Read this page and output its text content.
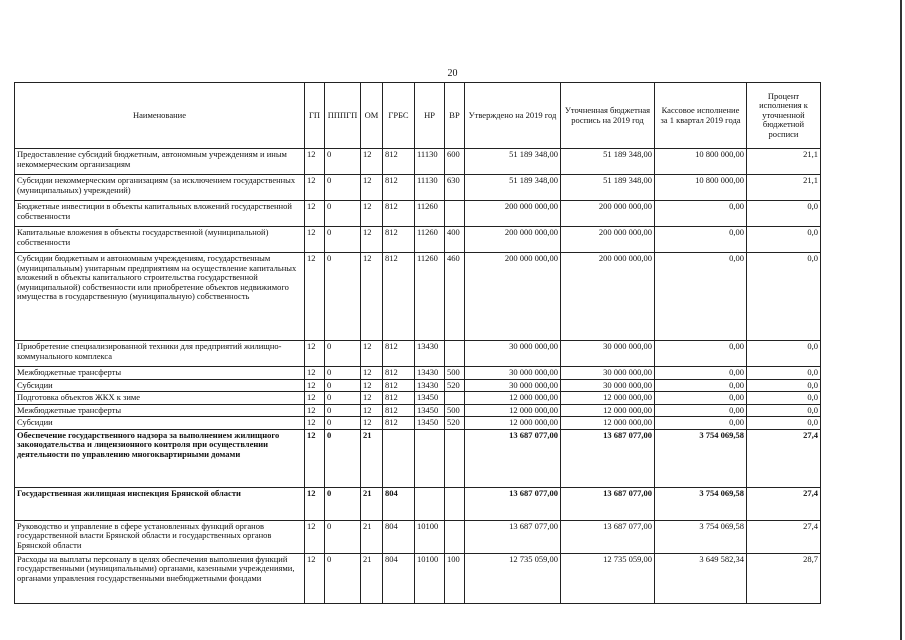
20
Наименование	ГП	ПППГП	ОМ	ГРБС	НР	ВР	Утверждено на 2019 год	Уточненная бюджетная роспись на 2019 год	Кассовое исполнение за 1 квартал 2019 года	Процент исполнения к уточненной бюджетной росписи
Предоставление субсидий бюджетным, автономным учреждениям и иным некоммерческим организациям	12	0	12	812	11130	600	51 189 348,00	51 189 348,00	10 800 000,00	21,1
Субсидии некоммерческим организациям (за исключением государственных (муниципальных) учреждений)	12	0	12	812	11130	630	51 189 348,00	51 189 348,00	10 800 000,00	21,1
Бюджетные инвестиции в объекты капитальных вложений государственной собственности	12	0	12	812	11260		200 000 000,00	200 000 000,00	0,00	0,0
Капитальные вложения в объекты государственной (муниципальной) собственности	12	0	12	812	11260	400	200 000 000,00	200 000 000,00	0,00	0,0
Субсидии бюджетным и автономным учреждениям, государственным (муниципальным) унитарным предприятиям на осуществление капитальных вложений в объекты капитального строительства государственной (муниципальной) собственности или приобретение объектов недвижимого имущества в государственную (муниципальную) собственность	12	0	12	812	11260	460	200 000 000,00	200 000 000,00	0,00	0,0
Приобретение специализированной техники для предприятий жилищно-коммунального комплекса	12	0	12	812	13430		30 000 000,00	30 000 000,00	0,00	0,0
Межбюджетные трансферты	12	0	12	812	13430	500	30 000 000,00	30 000 000,00	0,00	0,0
Субсидии	12	0	12	812	13430	520	30 000 000,00	30 000 000,00	0,00	0,0
Подготовка объектов ЖКХ к зиме	12	0	12	812	13450		12 000 000,00	12 000 000,00	0,00	0,0
Межбюджетные трансферты	12	0	12	812	13450	500	12 000 000,00	12 000 000,00	0,00	0,0
Субсидии	12	0	12	812	13450	520	12 000 000,00	12 000 000,00	0,00	0,0
Обеспечение государственного надзора за выполнением жилищного законодательства и лицензионного контроля при осуществлении деятельности по управлению многоквартирными домами	12	0	21				13 687 077,00	13 687 077,00	3 754 069,58	27,4
Государственная жилищная инспекция Брянской области	12	0	21	804			13 687 077,00	13 687 077,00	3 754 069,58	27,4
Руководство и управление в сфере установленных функций органов государственной власти Брянской области и государственных органов Брянской области	12	0	21	804	10100		13 687 077,00	13 687 077,00	3 754 069,58	27,4
Расходы на выплаты персоналу в целях обеспечения выполнения функций государственными (муниципальными) органами, казенными учреждениями, органами управления государственными внебюджетными фондами	12	0	21	804	10100	100	12 735 059,00	12 735 059,00	3 649 582,34	28,7
